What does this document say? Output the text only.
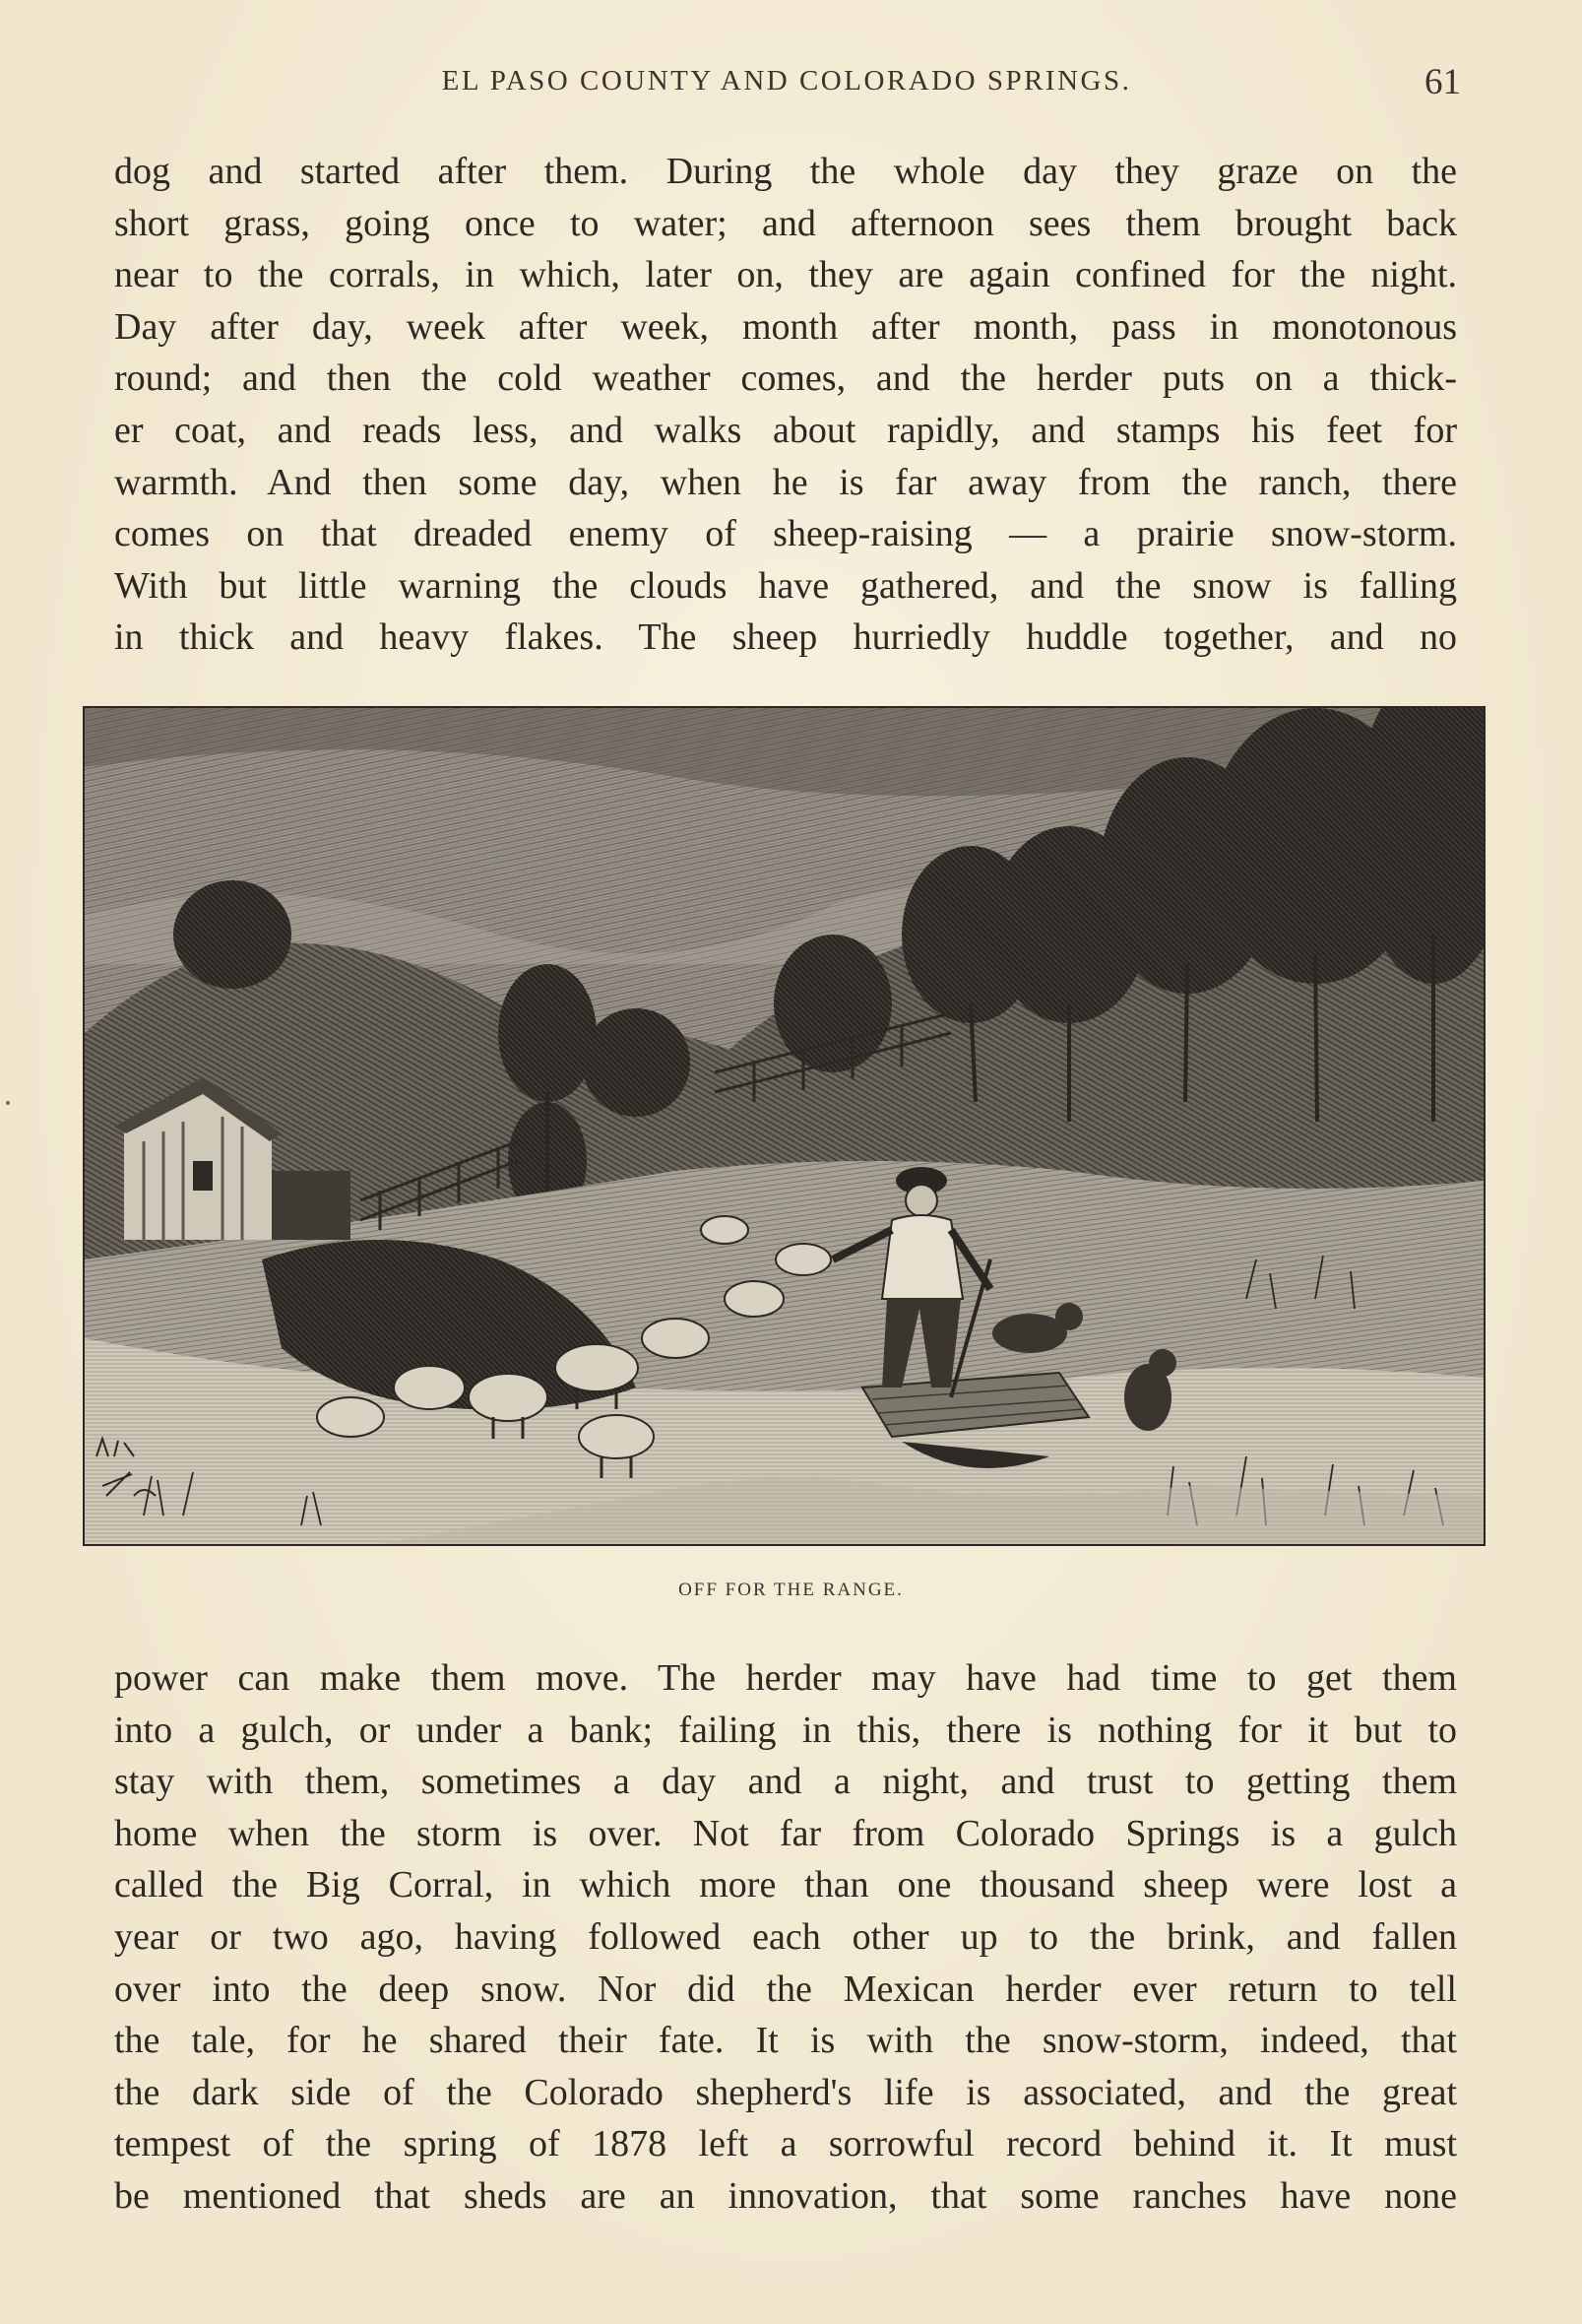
EL PASO COUNTY AND COLORADO SPRINGS.	61
dog and started after them. During the whole day they graze on the
short grass, going once to water; and afternoon sees them brought back
near to the corrals, in which, later on, they are again confined for the night.
Day after day, week after week, month after month, pass in monotonous
round; and then the cold weather comes, and the herder puts on a thick-
er coat, and reads less, and walks about rapidly, and stamps his feet for
warmth. And then some day, when he is far away from the ranch, there
comes on that dreaded enemy of sheep-raising — a prairie snow-storm.
With but little warning the clouds have gathered, and the snow is falling
in thick and heavy flakes. The sheep hurriedly huddle together, and no
OFF FOR THE RANGE.
power can make them move. The herder may have had time to get them
into a gulch, or under a bank; failing in this, there is nothing for it but to
stay with them, sometimes a day and a night, and trust to getting them
home when the storm is over. Not far from Colorado Springs is a gulch
called the Big Corral, in which more than one thousand sheep were lost a
year or two ago, having followed each other up to the brink, and fallen
over into the deep snow. Nor did the Mexican herder ever return to tell
the tale, for he shared their fate. It is with the snow-storm, indeed, that
the dark side of the Colorado shepherd's life is associated, and the great
tempest of the spring of 1878 left a sorrowful record behind it. It must
be mentioned that sheds are an innovation, that some ranches have none
